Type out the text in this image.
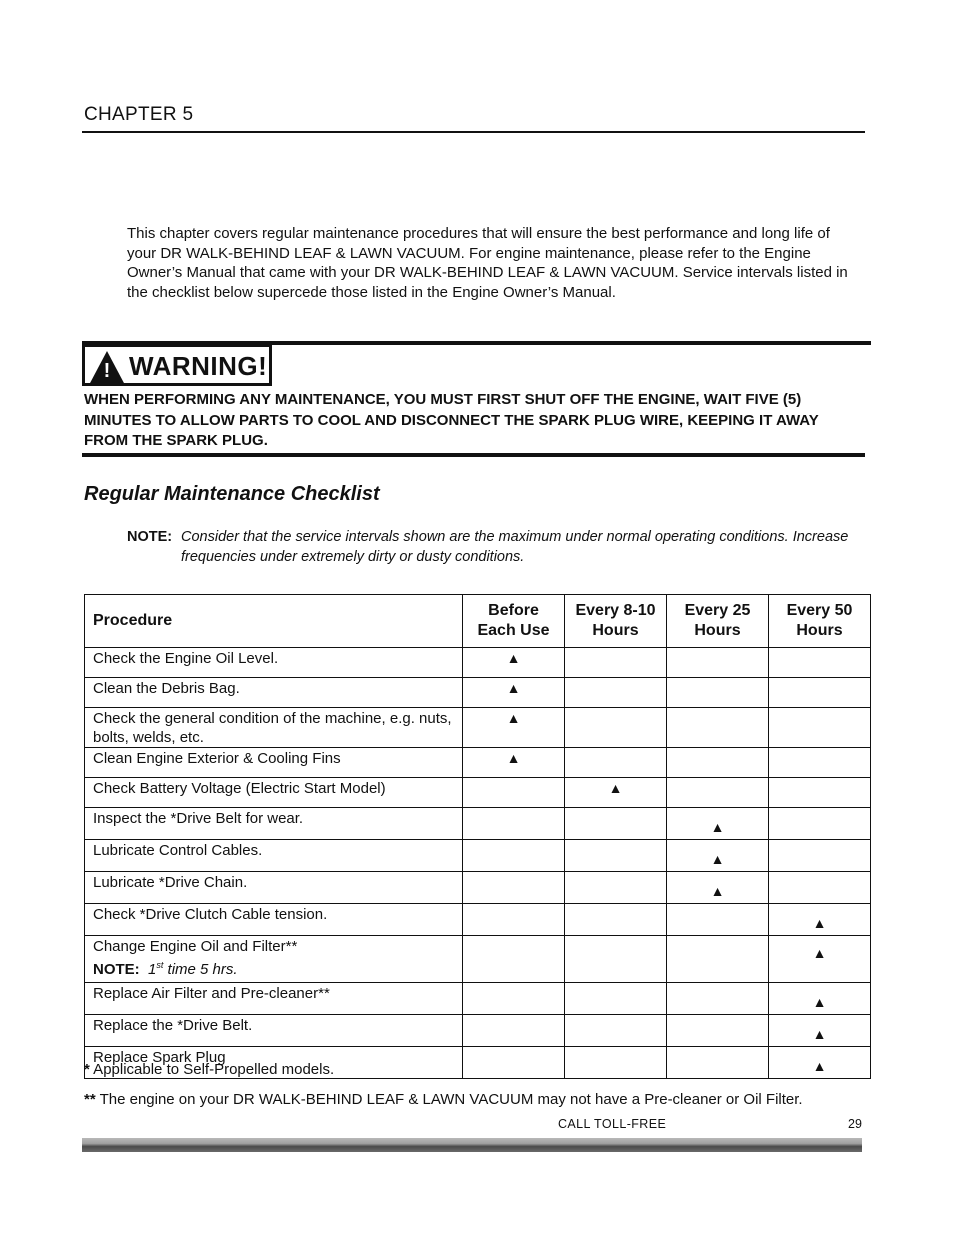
CHAPTER 5
This chapter covers regular maintenance procedures that will ensure the best performance and long life of your DR WALK-BEHIND LEAF & LAWN VACUUM. For engine maintenance, please refer to the Engine Owner’s Manual that came with your DR WALK-BEHIND LEAF & LAWN VACUUM. Service intervals listed in the checklist below supercede those listed in the Engine Owner’s Manual.
! WARNING!
WHEN PERFORMING ANY MAINTENANCE, YOU MUST FIRST SHUT OFF THE ENGINE, WAIT FIVE (5) MINUTES TO ALLOW PARTS TO COOL AND DISCONNECT THE SPARK PLUG WIRE, KEEPING IT AWAY FROM THE SPARK PLUG.
Regular Maintenance Checklist
NOTE: Consider that the service intervals shown are the maximum under normal operating conditions. Increase frequencies under extremely dirty or dusty conditions.
Procedure	Before Each Use	Every 8-10 Hours	Every 25 Hours	Every 50 Hours
Check the Engine Oil Level.	▲			
Clean the Debris Bag.	▲			
Check the general condition of the machine, e.g. nuts, bolts, welds, etc.	▲			
Clean Engine Exterior & Cooling Fins	▲			
Check Battery Voltage (Electric Start Model)		▲		
Inspect the *Drive Belt for wear.			▲	
Lubricate Control Cables.			▲	
Lubricate *Drive Chain.			▲	
Check *Drive Clutch Cable tension.				▲

Change Engine Oil and Filter**
NOTE: 1st time 5 hrs.				▲
Replace Air Filter and Pre-cleaner**				▲
Replace the *Drive Belt.				▲
Replace Spark Plug				▲
* Applicable to Self-Propelled models.
** The engine on your DR WALK-BEHIND LEAF & LAWN VACUUM may not have a Pre-cleaner or Oil Filter.
CALL TOLL-FREE	29
